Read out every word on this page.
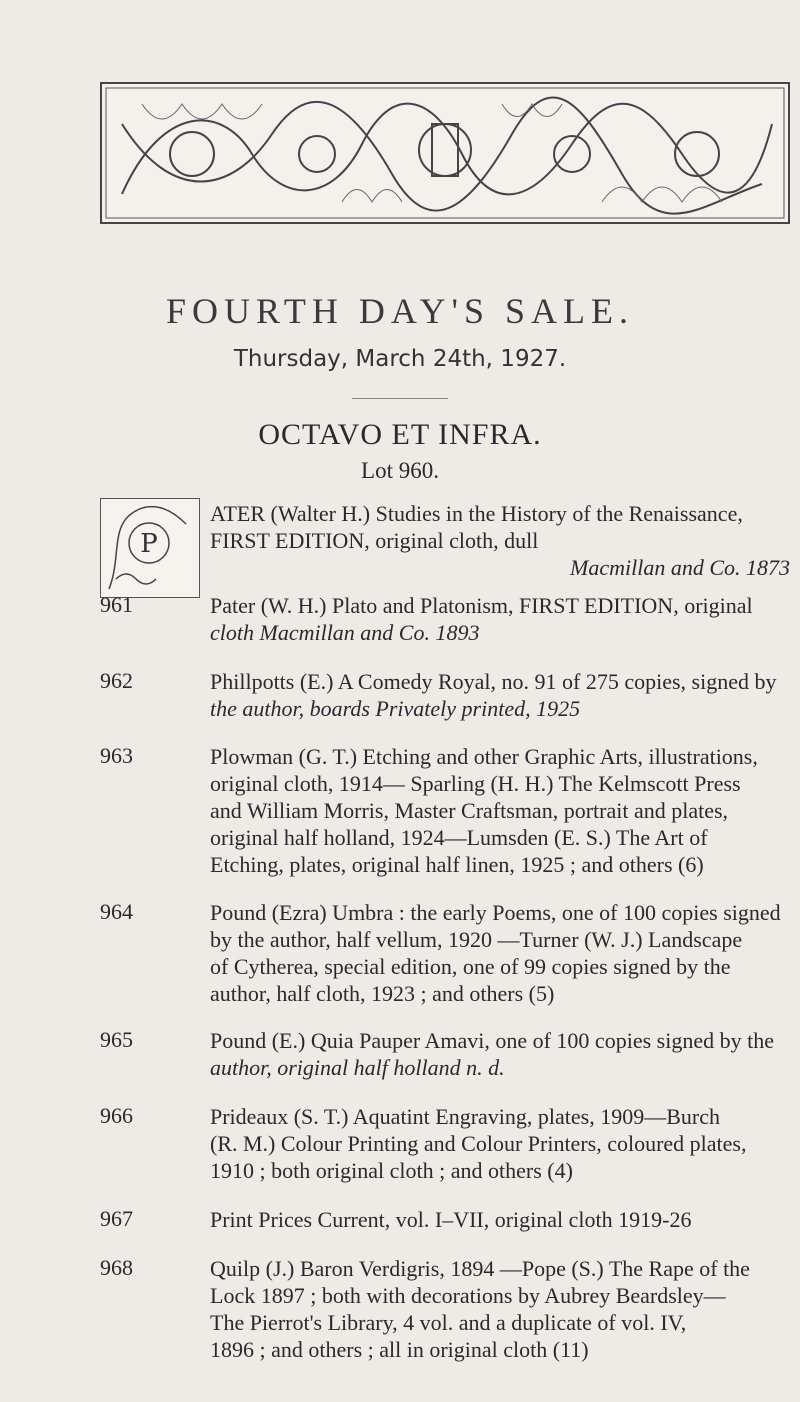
FOURTH DAY'S SALE.
Thursday, March 24th, 1927.
OCTAVO ET INFRA.
Lot 960.
P
ATER (Walter H.) Studies in the History of the Renaissance,
FIRST EDITION, original cloth, dull
Macmillan and Co. 1873
961	Pater (W. H.) Plato and Platonism, FIRST EDITION, original
cloth Macmillan and Co. 1893
962	Phillpotts (E.) A Comedy Royal, no. 91 of 275 copies, signed by
the author, boards Privately printed, 1925
963	Plowman (G. T.) Etching and other Graphic Arts, illustrations,
original cloth, 1914— Sparling (H. H.) The Kelmscott Press
and William Morris, Master Craftsman, portrait and plates,
original half holland, 1924—Lumsden (E. S.) The Art of
Etching, plates, original half linen, 1925 ; and others (6)
964	Pound (Ezra) Umbra : the early Poems, one of 100 copies signed
by the author, half vellum, 1920 —Turner (W. J.) Landscape
of Cytherea, special edition, one of 99 copies signed by the
author, half cloth, 1923 ; and others (5)
965	Pound (E.) Quia Pauper Amavi, one of 100 copies signed by the
author, original half holland n. d.
966	Prideaux (S. T.) Aquatint Engraving, plates, 1909—Burch
(R. M.) Colour Printing and Colour Printers, coloured plates,
1910 ; both original cloth ; and others (4)
967	Print Prices Current, vol. I–VII, original cloth 1919-26
968	Quilp (J.) Baron Verdigris, 1894 —Pope (S.) The Rape of the
Lock 1897 ; both with decorations by Aubrey Beardsley—
The Pierrot's Library, 4 vol. and a duplicate of vol. IV,
1896 ; and others ; all in original cloth (11)
